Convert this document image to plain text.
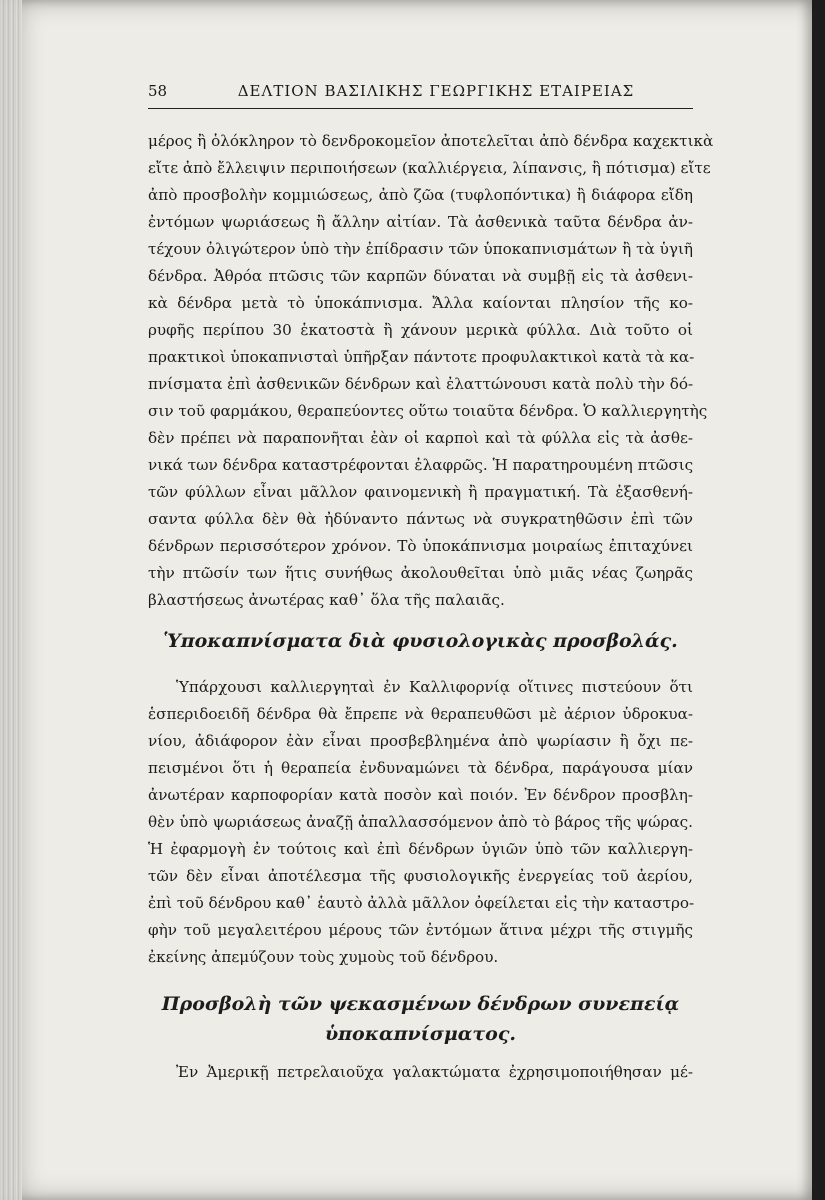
58	ΔΕΛΤΙΟΝ ΒΑΣΙΛΙΚΗΣ ΓΕΩΡΓΙΚΗΣ ΕΤΑΙΡΕΙΑΣ
μέρος ἢ ὁλόκληρον τὸ δενδροκομεῖον ἀποτελεῖται ἀπὸ δένδρα καχεκτικὰ
εἴτε ἀπὸ ἔλλειψιν περιποιήσεων (καλλιέργεια, λίπανσις, ἢ πότισμα) εἴτε
ἀπὸ προσβολὴν κομμιώσεως, ἀπὸ ζῶα (τυφλοπόντικα) ἢ διάφορα εἴδη
ἐντόμων ψωριάσεως ἢ ἄλλην αἰτίαν. Τὰ ἀσθενικὰ ταῦτα δένδρα ἀν-
τέχουν ὀλιγώτερον ὑπὸ τὴν ἐπίδρασιν τῶν ὑποκαπνισμάτων ἢ τὰ ὑγιῆ
δένδρα. Ἀθρόα πτῶσις τῶν καρπῶν δύναται νὰ συμβῇ εἰς τὰ ἀσθενι-
κὰ δένδρα μετὰ τὸ ὑποκάπνισμα. Ἄλλα καίονται πλησίον τῆς κο-
ρυφῆς περίπου 30 ἑκατοστὰ ἢ χάνουν μερικὰ φύλλα. Διὰ τοῦτο οἱ
πρακτικοὶ ὑποκαπνισταὶ ὑπῆρξαν πάντοτε προφυλακτικοὶ κατὰ τὰ κα-
πνίσματα ἐπὶ ἀσθενικῶν δένδρων καὶ ἐλαττώνουσι κατὰ πολὺ τὴν δό-
σιν τοῦ φαρμάκου, θεραπεύοντες οὕτω τοιαῦτα δένδρα. Ὁ καλλιεργητὴς
δὲν πρέπει νὰ παραπονῆται ἐὰν οἱ καρποὶ καὶ τὰ φύλλα εἰς τὰ ἀσθε-
νικά των δένδρα καταστρέφονται ἐλαφρῶς. Ἡ παρατηρουμένη πτῶσις
τῶν φύλλων εἶναι μᾶλλον φαινομενικὴ ἢ πραγματική. Τὰ ἐξασθενή-
σαντα φύλλα δὲν θὰ ἠδύναντο πάντως νὰ συγκρατηθῶσιν ἐπὶ τῶν
δένδρων περισσότερον χρόνον. Τὸ ὑποκάπνισμα μοιραίως ἐπιταχύνει
τὴν πτῶσίν των ἥτις συνήθως ἀκολουθεῖται ὑπὸ μιᾶς νέας ζωηρᾶς
βλαστήσεως ἀνωτέρας καθ᾽ ὅλα τῆς παλαιᾶς.
Ὑποκαπνίσματα διὰ φυσιολογικὰς προσβολάς.
Ὑπάρχουσι καλλιεργηταὶ ἐν Καλλιφορνίᾳ οἵτινες πιστεύουν ὅτι
ἑσπεριδοειδῆ δένδρα θὰ ἔπρεπε νὰ θεραπευθῶσι μὲ ἀέριον ὑδροκυα-
νίου, ἀδιάφορον ἐὰν εἶναι προσβεβλημένα ἀπὸ ψωρίασιν ἢ ὄχι πε-
πεισμένοι ὅτι ἡ θεραπεία ἐνδυναμώνει τὰ δένδρα, παράγουσα μίαν
ἀνωτέραν καρποφορίαν κατὰ ποσὸν καὶ ποιόν. Ἐν δένδρον προσβλη-
θὲν ὑπὸ ψωριάσεως ἀναζῇ ἀπαλλασσόμενον ἀπὸ τὸ βάρος τῆς ψώρας.
Ἡ ἐφαρμογὴ ἐν τούτοις καὶ ἐπὶ δένδρων ὑγιῶν ὑπὸ τῶν καλλιεργη-
τῶν δὲν εἶναι ἀποτέλεσμα τῆς φυσιολογικῆς ἐνεργείας τοῦ ἀερίου,
ἐπὶ τοῦ δένδρου καθ᾽ ἑαυτὸ ἀλλὰ μᾶλλον ὀφείλεται εἰς τὴν καταστρο-
φὴν τοῦ μεγαλειτέρου μέρους τῶν ἐντόμων ἅτινα μέχρι τῆς στιγμῆς
ἐκείνης ἀπεμύζουν τοὺς χυμοὺς τοῦ δένδρου.
Προσβολὴ τῶν ψεκασμένων δένδρων συνεπείᾳ
ὑποκαπνίσματος.
Ἐν Ἀμερικῇ πετρελαιοῦχα γαλακτώματα ἐχρησιμοποιήθησαν μέ-
